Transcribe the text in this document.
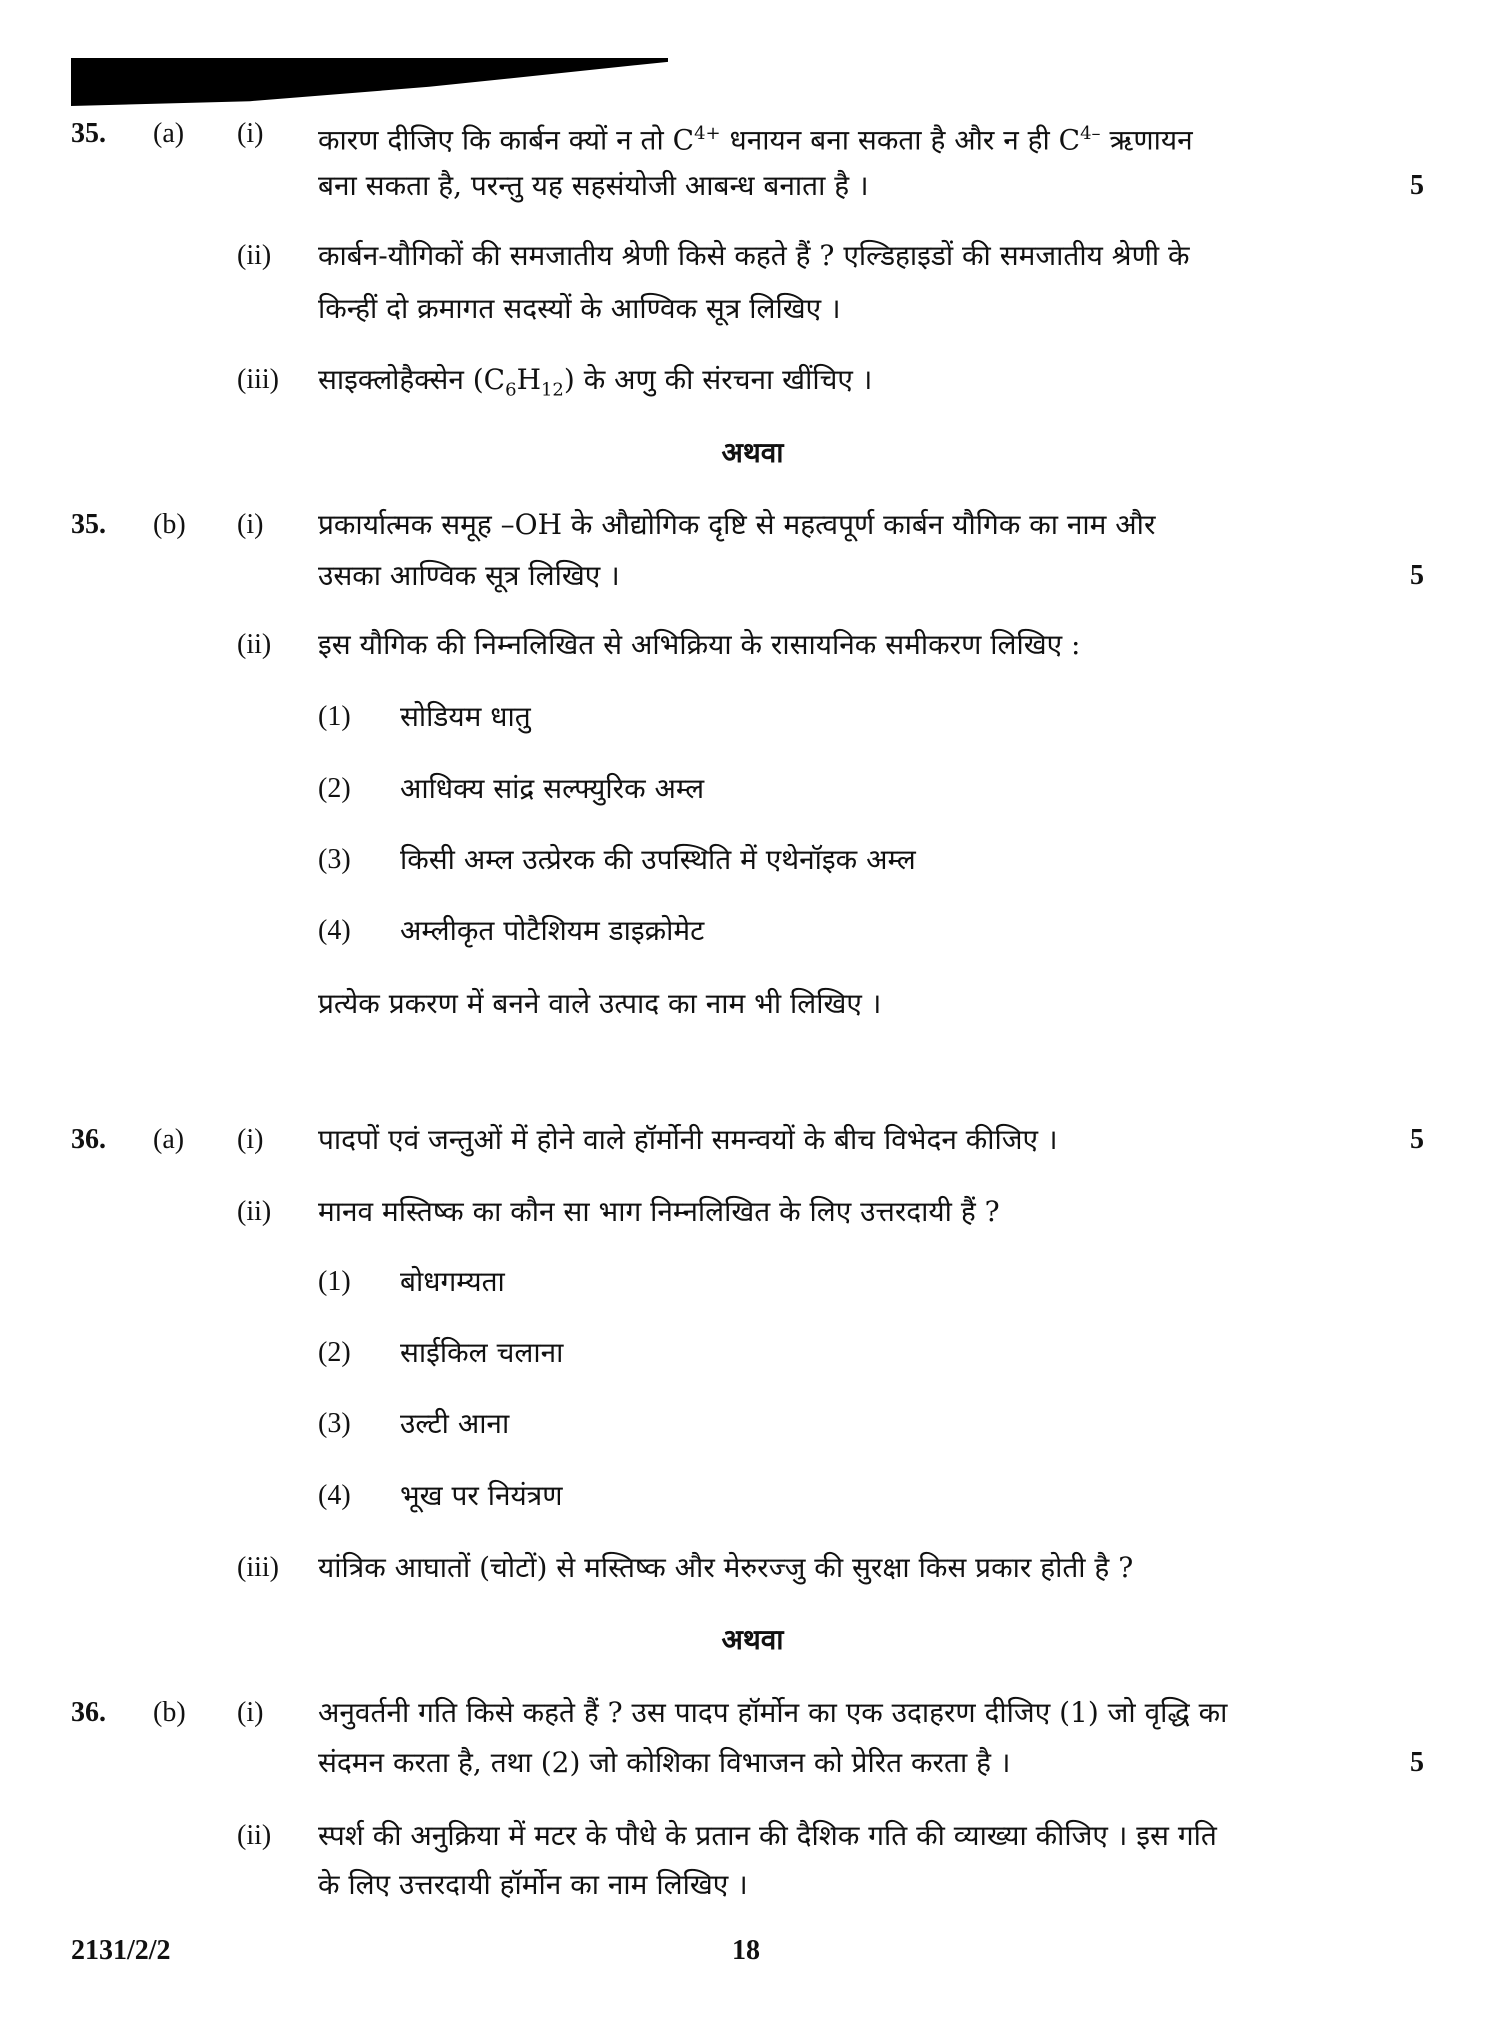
35. (a) (i) कारण दीजिए कि कार्बन क्यों न तो $C^{4+}$ धनायन बना सकता है और न ही $C^{4-}$ ऋणायन
बना सकता है, परन्तु यह सहसंयोजी आबन्ध बनाता है ।	5
(ii) कार्बन-यौगिकों की समजातीय श्रेणी किसे कहते हैं ? एल्डिहाइडों की समजातीय श्रेणी के
किन्हीं दो क्रमागत सदस्यों के आण्विक सूत्र लिखिए ।
(iii) साइक्लोहैक्सेन $(C_6H_{12})$ के अणु की संरचना खींचिए ।
अथवा
35. (b) (i) प्रकार्यात्मक समूह –OH के औद्योगिक दृष्टि से महत्वपूर्ण कार्बन यौगिक का नाम और
उसका आण्विक सूत्र लिखिए ।	5
(ii) इस यौगिक की निम्नलिखित से अभिक्रिया के रासायनिक समीकरण लिखिए :
(1) सोडियम धातु
(2) आधिक्य सांद्र सल्फ्युरिक अम्ल
(3) किसी अम्ल उत्प्रेरक की उपस्थिति में एथेनॉइक अम्ल
(4) अम्लीकृत पोटैशियम डाइक्रोमेट
प्रत्येक प्रकरण में बनने वाले उत्पाद का नाम भी लिखिए ।
36. (a) (i) पादपों एवं जन्तुओं में होने वाले हॉर्मोनी समन्वयों के बीच विभेदन कीजिए ।	5
(ii) मानव मस्तिष्क का कौन सा भाग निम्नलिखित के लिए उत्तरदायी हैं ?
(1) बोधगम्यता
(2) साईकिल चलाना
(3) उल्टी आना
(4) भूख पर नियंत्रण
(iii) यांत्रिक आघातों (चोटों) से मस्तिष्क और मेरुरज्जु की सुरक्षा किस प्रकार होती है ?
अथवा
36. (b) (i) अनुवर्तनी गति किसे कहते हैं ? उस पादप हॉर्मोन का एक उदाहरण दीजिए (1) जो वृद्धि का
संदमन करता है, तथा (2) जो कोशिका विभाजन को प्रेरित करता है ।	5
(ii) स्पर्श की अनुक्रिया में मटर के पौधे के प्रतान की दैशिक गति की व्याख्या कीजिए । इस गति
के लिए उत्तरदायी हॉर्मोन का नाम लिखिए ।
2131/2/2	18
